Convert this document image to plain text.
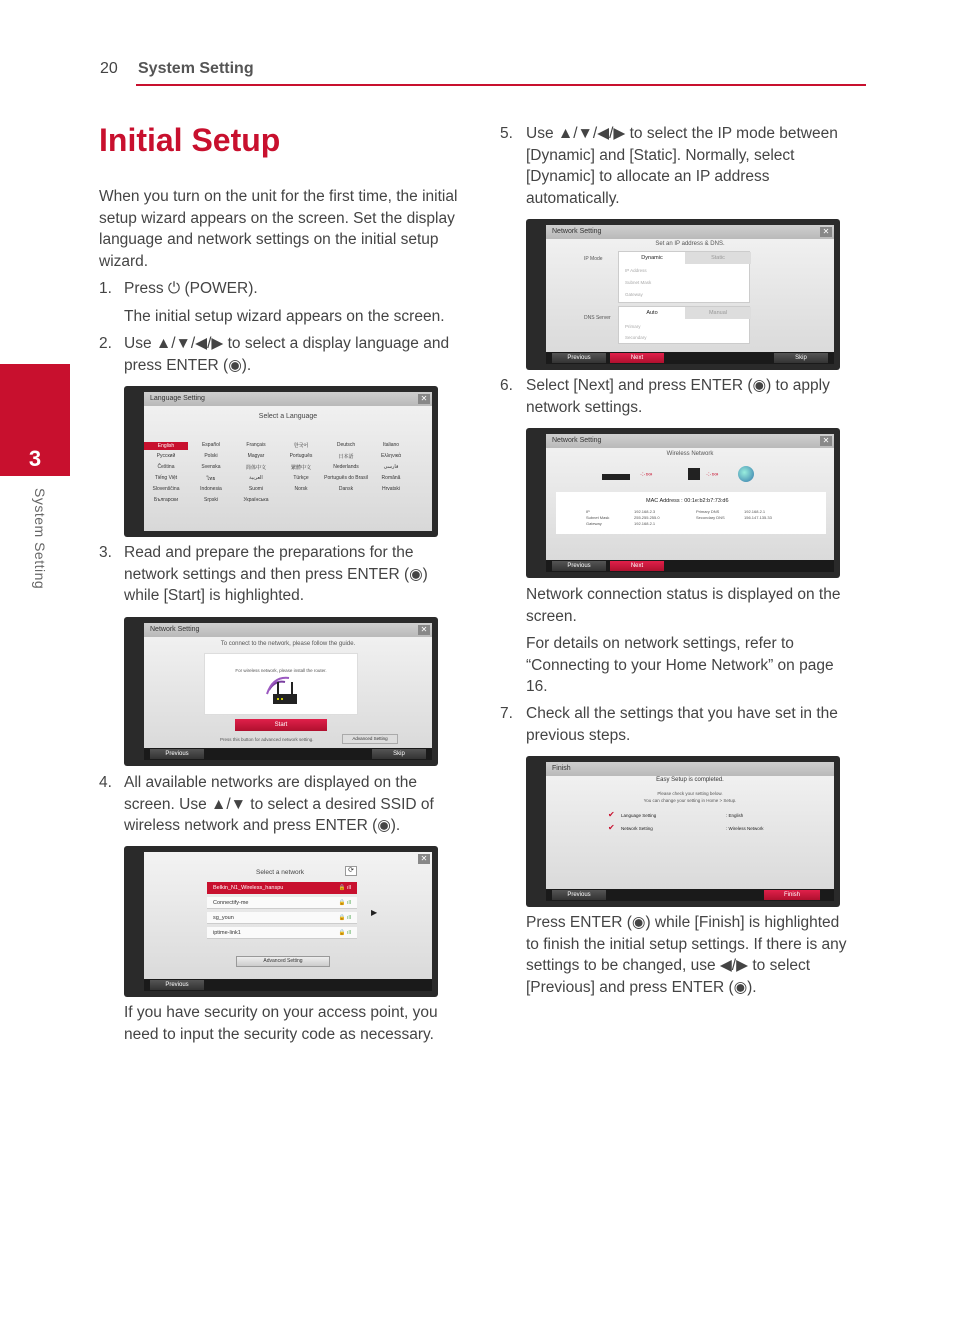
20 System Setting
3
System Setting
Initial Setup
When you turn on the unit for the first time, the initial setup wizard appears on the screen. Set the display language and network settings on the initial setup wizard.
1. Press ⏻ (POWER).
The initial setup wizard appears on the screen.
2. Use ▲/▼/◀/▶ to select a display language and press ENTER (◉).
Language Setting	✕
Select a Language
English	Español	Français	한국어	Deutsch	Italiano
Русский	Polski	Magyar	Português	日本語	Ελληνικά
Čeština	Svenska	简体中文	繁體中文	Nederlands	فارسی
Tiếng Việt	ไทย	العربية	Türkçe	Português do Brasil	Română
Slovenščina	Indonesia	Suomi	Norsk	Dansk	Hrvatski
Български	Srpski	Українська
3. Read and prepare the preparations for the network settings and then press ENTER (◉) while [Start] is highlighted.
Network Setting	✕
To connect to the network, please follow the guide.
For wireless network, please install the router.
Start
Press this button for advanced network setting.	Advanced Setting
Previous	Skip
4. All available networks are displayed on the screen. Use ▲/▼ to select a desired SSID of wireless network and press ENTER (◉).
✕
Select a network	⟳
Belkin_N1_Wireless_hanspu	🔒 ıll
Connectify-me	🔒 ıll
sg_youn	🔒 ıll
iptime-link1	🔒 ıll
▶
Advanced Setting
Previous
If you have security on your access point, you need to input the security code as necessary.
5. Use ▲/▼/◀/▶ to select the IP mode between [Dynamic] and [Static]. Normally, select [Dynamic] to allocate an IP address automatically.
Network Setting	✕
Set an IP address & DNS.
IP Mode	Dynamic	Static
IP Address
Subnet Mask
Gateway
DNS Server
Auto	Manual
Primary
Secondary
Previous	Next	Skip
6. Select [Next] and press ENTER (◉) to apply network settings.
Network Setting	✕
Wireless Network
·:·»»	·:·»»
MAC Address : 00:1e:b2:b7:73:d6
IP	192.168.2.3
Subnet Mask	255.255.255.0
Gateway	192.168.2.1
Primary DNS	192.168.2.1
Secondary DNS	156.147.135.33
Previous	Next
Network connection status is displayed on the screen.
For details on network settings, refer to “Connecting to your Home Network” on page 16.
7. Check all the settings that you have set in the previous steps.
Finish
Easy Setup is completed.
Please check your setting below.
You can change your setting in Home > Setup.
✔ Language Setting	: English
✔ Network Setting	: Wireless Network
Previous	Finish
Press ENTER (◉) while [Finish] is highlighted to finish the initial setup settings. If there is any settings to be changed, use ◀/▶ to select [Previous] and press ENTER (◉).
